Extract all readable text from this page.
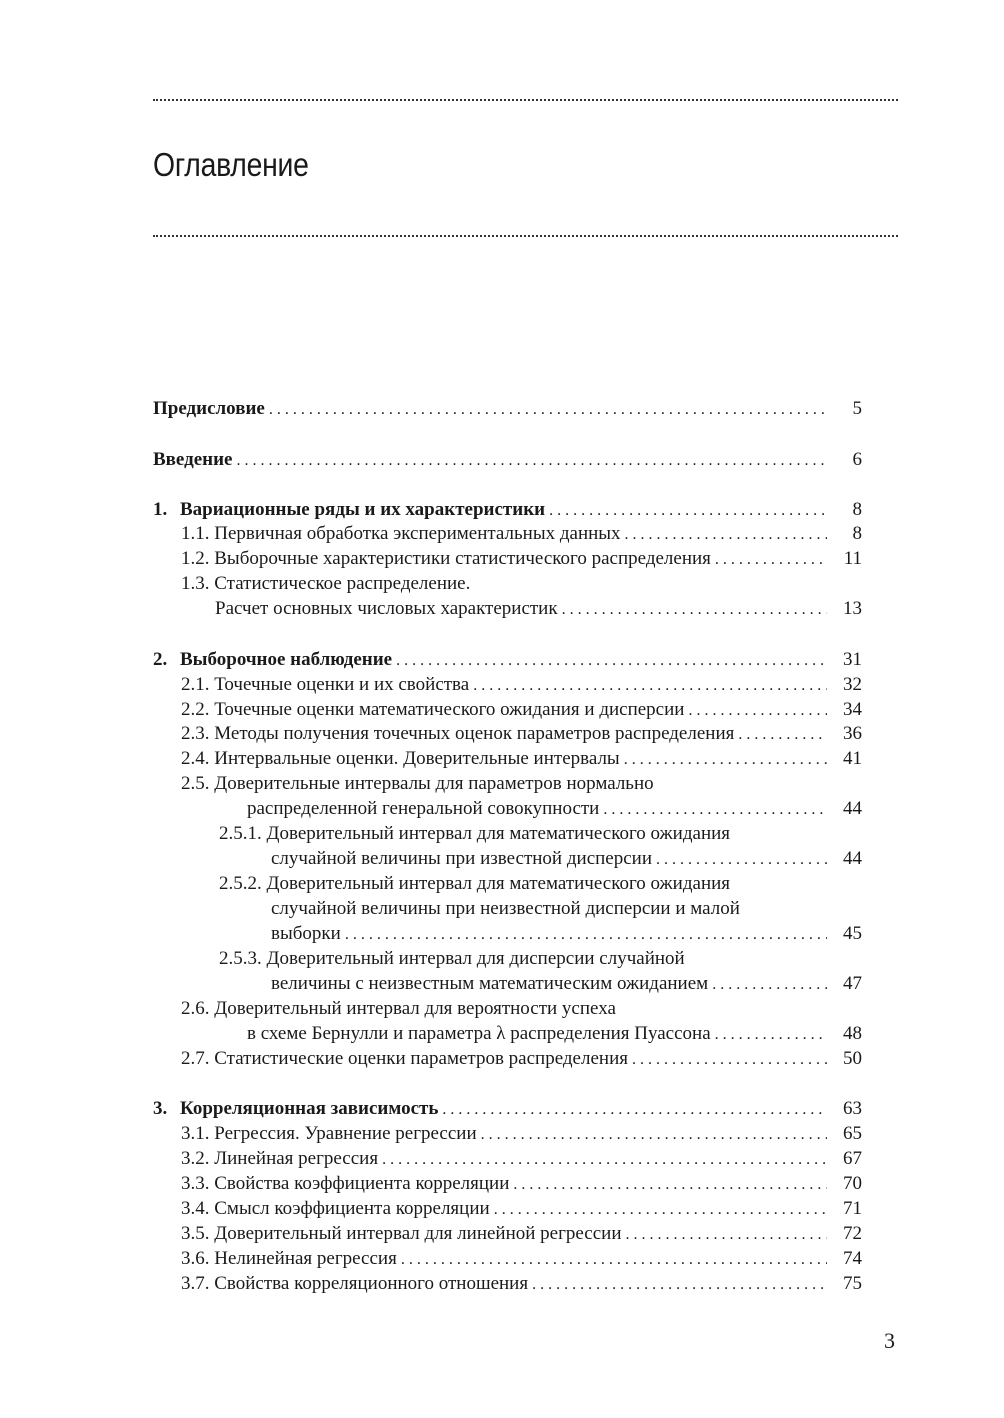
Оглавление
Предисловие . . .	5
Введение . . .	6
1. Вариационные ряды и их характеристики . . .	8
1.1. Первичная обработка экспериментальных данных . . .	8
1.2. Выборочные характеристики статистического распределения . . .	11
1.3. Статистическое распределение.
Расчет основных числовых характеристик . . .	13
2. Выборочное наблюдение . . .	31
2.1. Точечные оценки и их свойства . . .	32
2.2. Точечные оценки математического ожидания и дисперсии . . .	34
2.3. Методы получения точечных оценок параметров распределения . . .	36
2.4. Интервальные оценки. Доверительные интервалы . . .	41
2.5. Доверительные интервалы для параметров нормально
распределенной генеральной совокупности . . .	44
2.5.1. Доверительный интервал для математического ожидания
случайной величины при известной дисперсии . . .	44
2.5.2. Доверительный интервал для математического ожидания
случайной величины при неизвестной дисперсии и малой
выборки . . .	45
2.5.3. Доверительный интервал для дисперсии случайной
величины с неизвестным математическим ожиданием . . .	47
2.6. Доверительный интервал для вероятности успеха
в схеме Бернулли и параметра λ распределения Пуассона . . .	48
2.7. Статистические оценки параметров распределения . . .	50
3. Корреляционная зависимость . . .	63
3.1. Регрессия. Уравнение регрессии . . .	65
3.2. Линейная регрессия . . .	67
3.3. Свойства коэффициента корреляции . . .	70
3.4. Смысл коэффициента корреляции . . .	71
3.5. Доверительный интервал для линейной регрессии . . .	72
3.6. Нелинейная регрессия . . .	74
3.7. Свойства корреляционного отношения . . .	75
3
